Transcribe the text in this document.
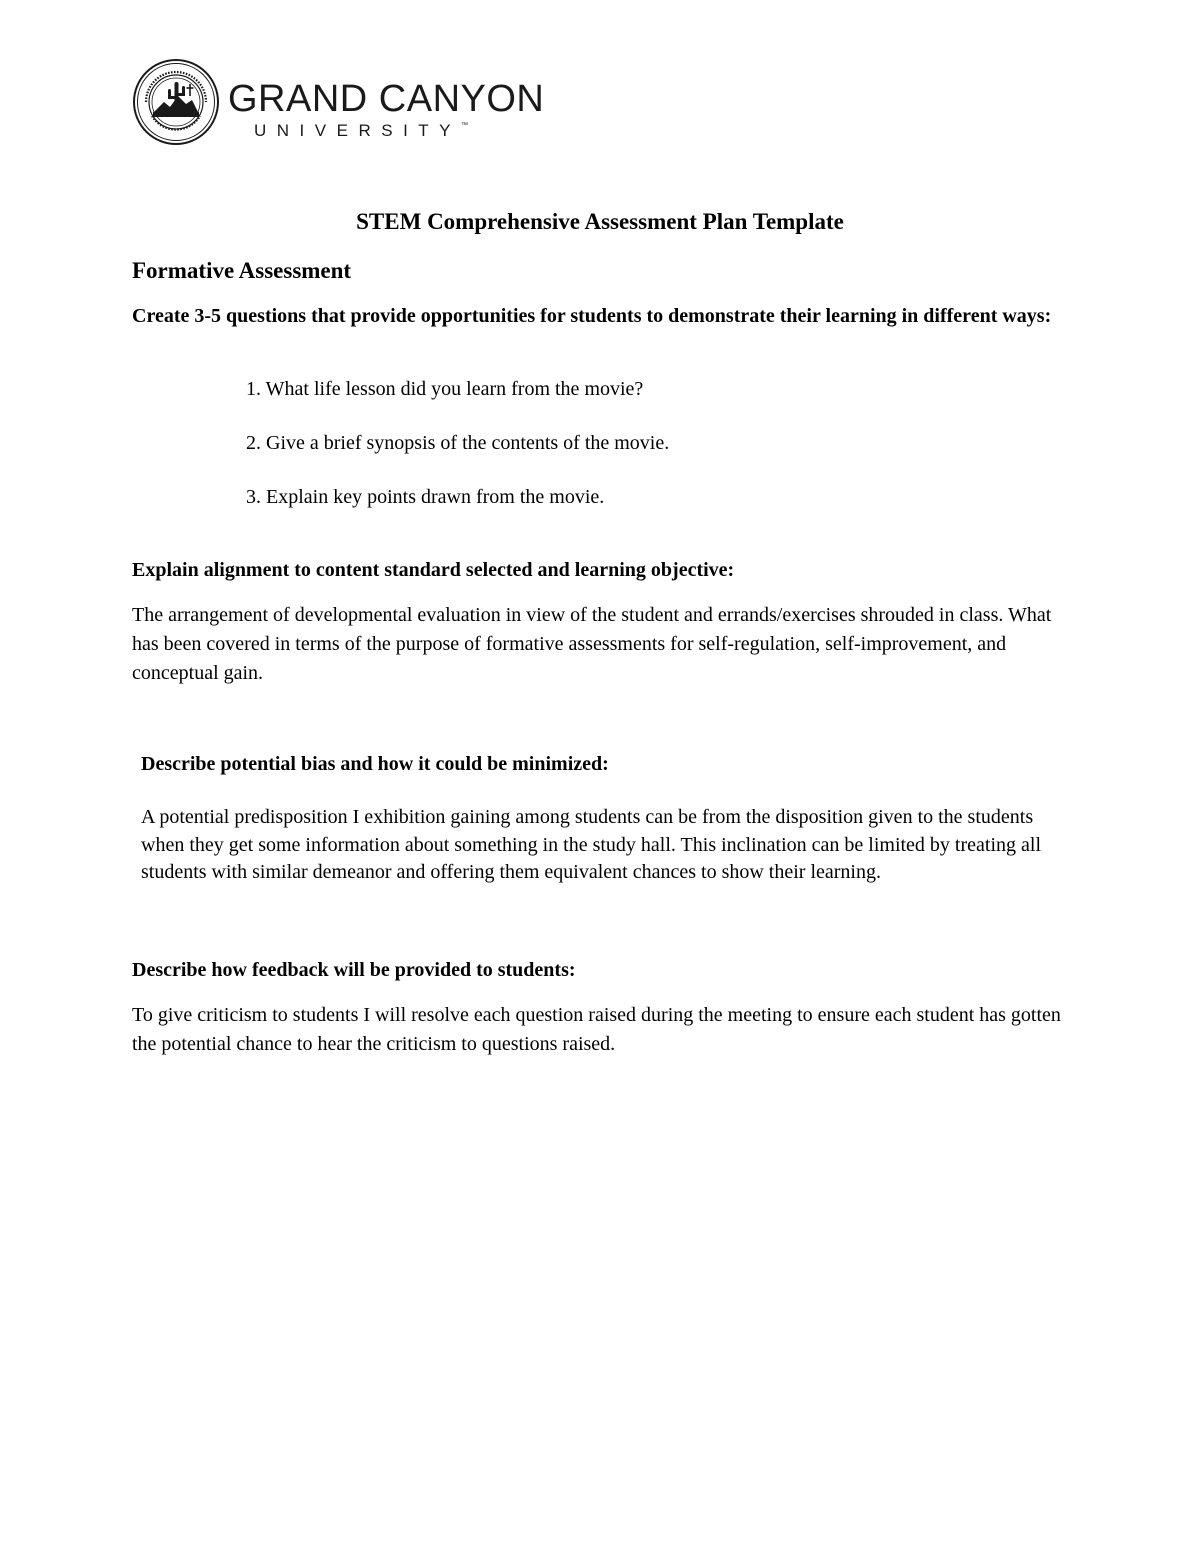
GRAND CANYON
UNIVERSITY™
STEM Comprehensive Assessment Plan Template
Formative Assessment

Create 3-5 questions that provide opportunities for students to demonstrate their learning in different ways:

1. What life lesson did you learn from the movie?
2. Give a brief synopsis of the contents of the movie.
3. Explain key points drawn from the movie.

Explain alignment to content standard selected and learning objective:

The arrangement of developmental evaluation in view of the student and errands/exercises shrouded in class. What has been covered in terms of the purpose of formative assessments for self-regulation, self-improvement, and conceptual gain.

Describe potential bias and how it could be minimized:

A potential predisposition I exhibition gaining among students can be from the disposition given to the students when they get some information about something in the study hall. This inclination can be limited by treating all students with similar demeanor and offering them equivalent chances to show their learning.

Describe how feedback will be provided to students:

To give criticism to students I will resolve each question raised during the meeting to ensure each student has gotten the potential chance to hear the criticism to questions raised.
